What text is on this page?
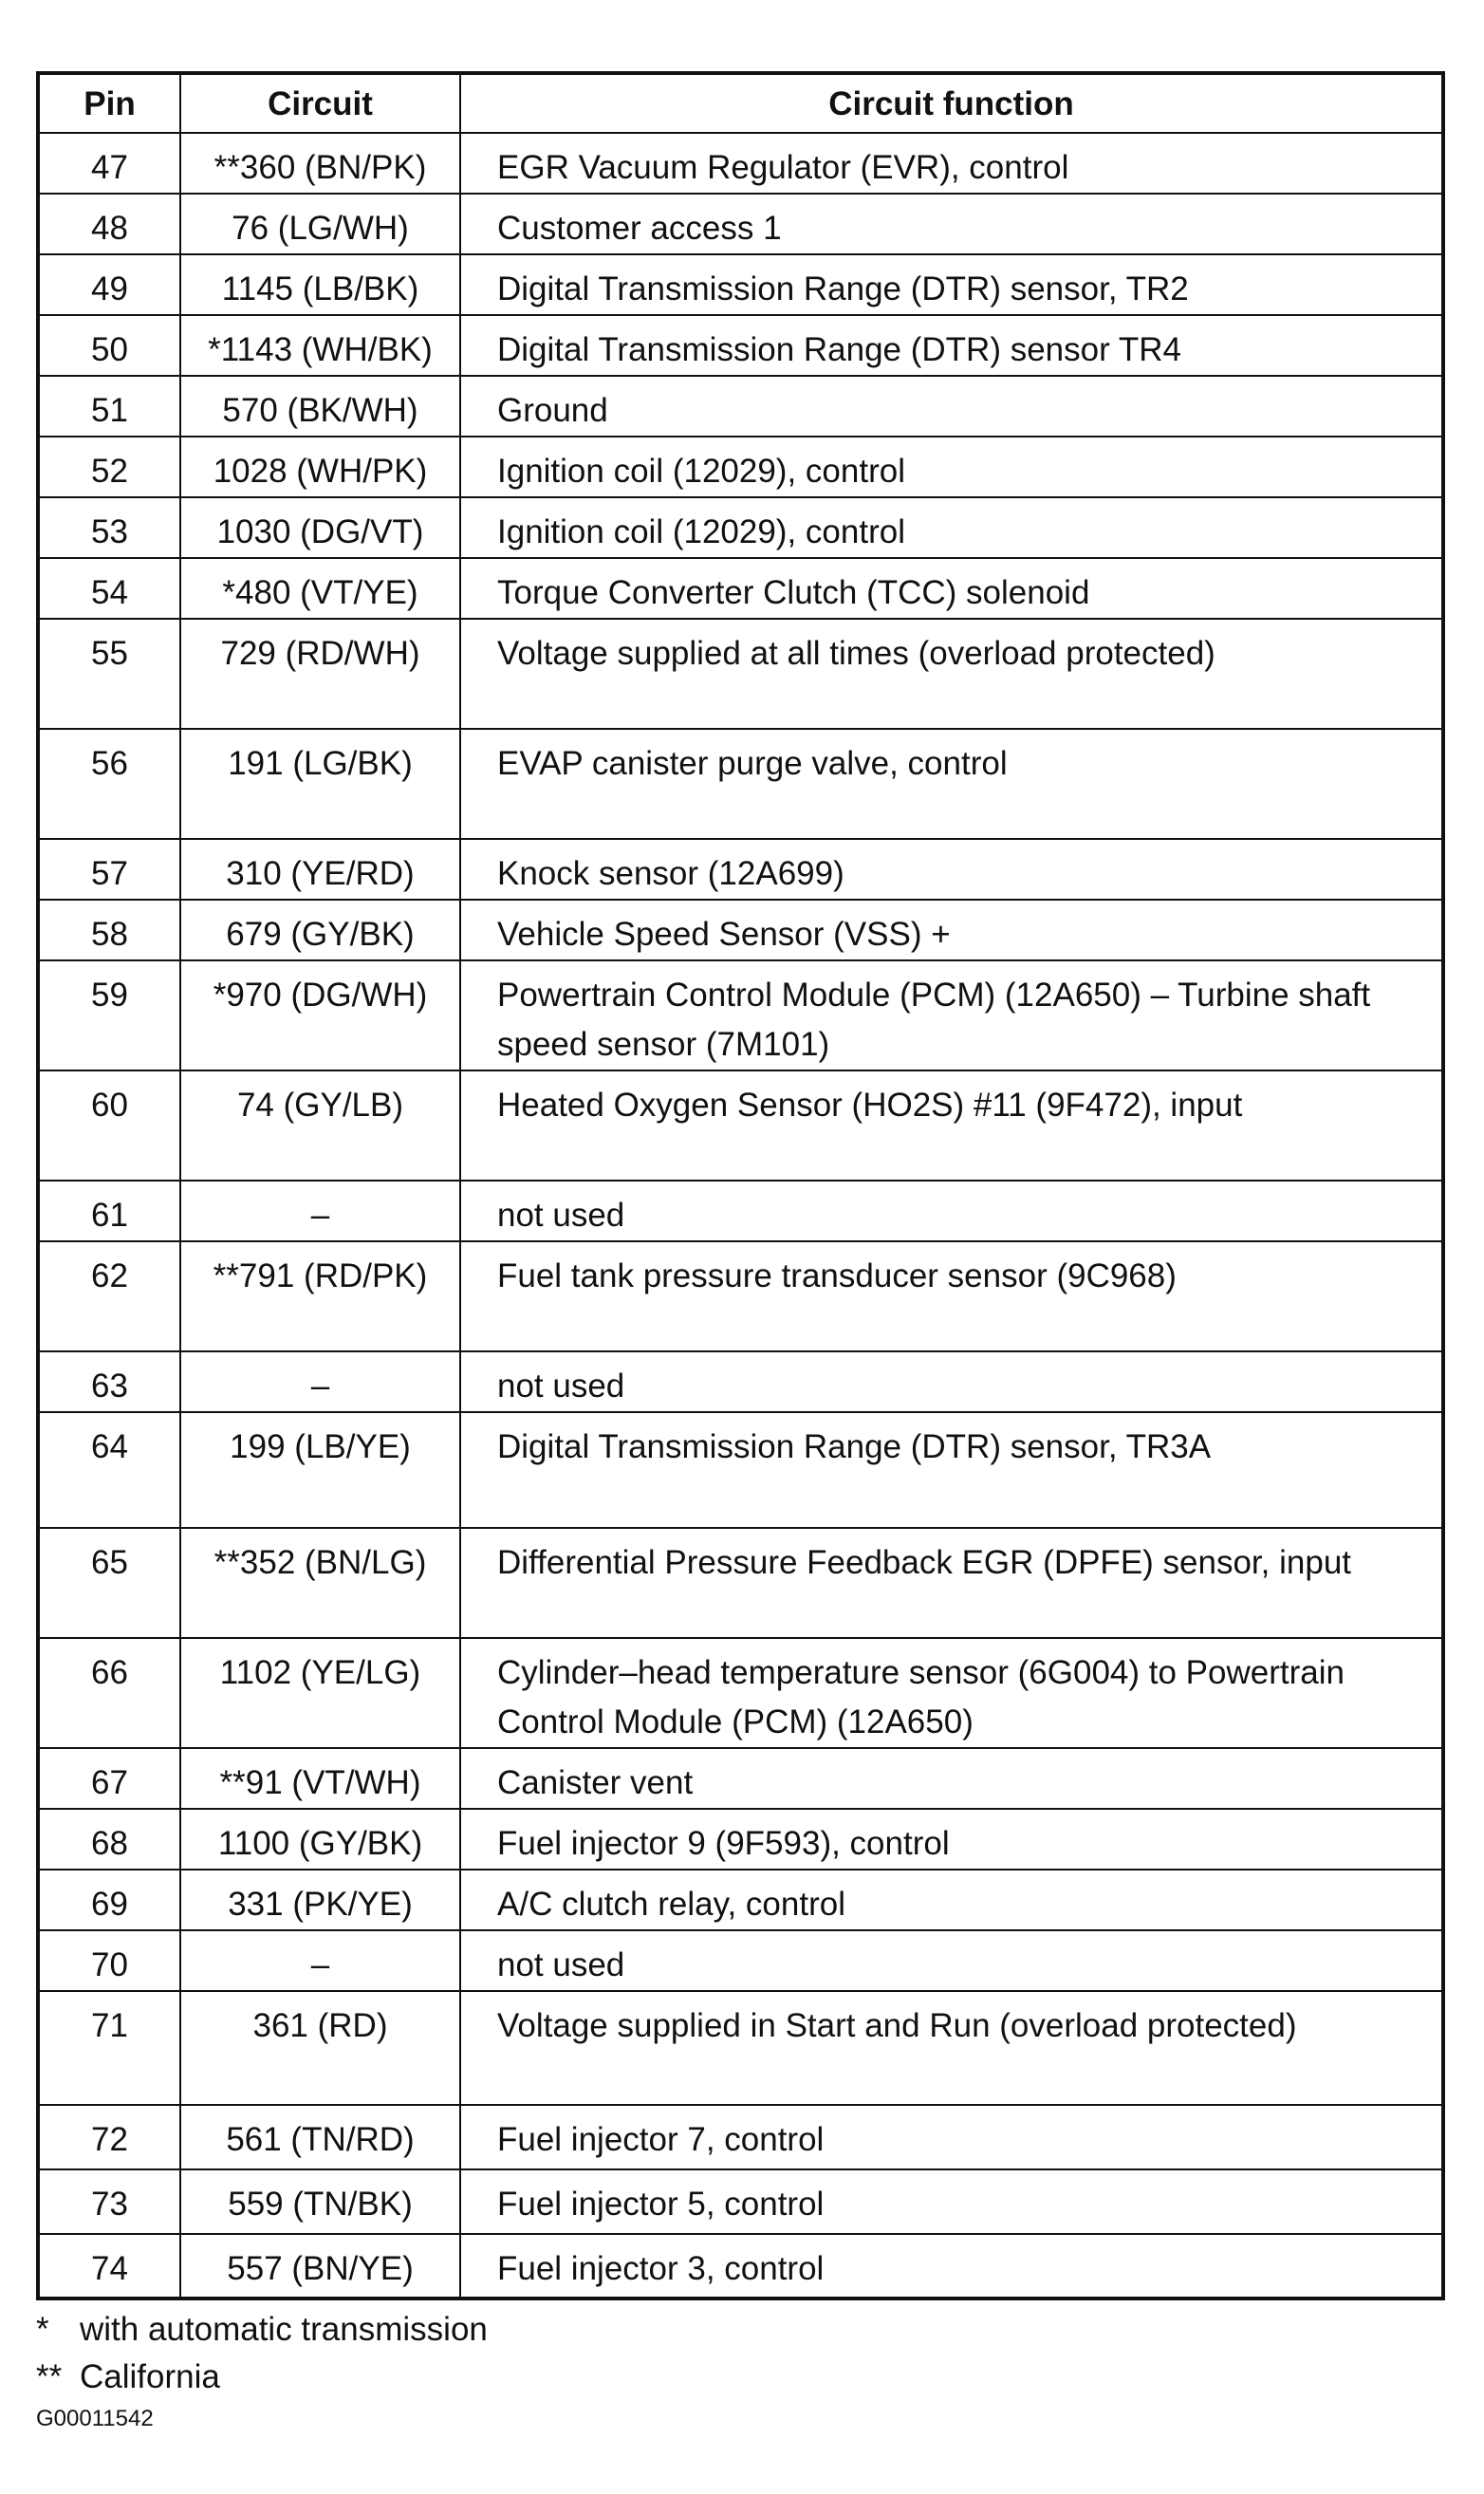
Pin	Circuit	Circuit function
47	**360 (BN/PK)	EGR Vacuum Regulator (EVR), control
48	76 (LG/WH)	Customer access 1
49	1145 (LB/BK)	Digital Transmission Range (DTR) sensor, TR2
50	*1143 (WH/BK)	Digital Transmission Range (DTR) sensor TR4
51	570 (BK/WH)	Ground
52	1028 (WH/PK)	Ignition coil (12029), control
53	1030 (DG/VT)	Ignition coil (12029), control
54	*480 (VT/YE)	Torque Converter Clutch (TCC) solenoid
55	729 (RD/WH)	Voltage supplied at all times (overload protected)
56	191 (LG/BK)	EVAP canister purge valve, control
57	310 (YE/RD)	Knock sensor (12A699)
58	679 (GY/BK)	Vehicle Speed Sensor (VSS) +
59	*970 (DG/WH)	Powertrain Control Module (PCM) (12A650) – Turbine shaft speed sensor (7M101)
60	74 (GY/LB)	Heated Oxygen Sensor (HO2S) #11 (9F472), input
61	–	not used
62	**791 (RD/PK)	Fuel tank pressure transducer sensor (9C968)
63	–	not used
64	199 (LB/YE)	Digital Transmission Range (DTR) sensor, TR3A
65	**352 (BN/LG)	Differential Pressure Feedback EGR (DPFE) sensor, input
66	1102 (YE/LG)	Cylinder–head temperature sensor (6G004) to Powertrain Control Module (PCM) (12A650)
67	**91 (VT/WH)	Canister vent
68	1100 (GY/BK)	Fuel injector 9 (9F593), control
69	331 (PK/YE)	A/C clutch relay, control
70	–	not used
71	361 (RD)	Voltage supplied in Start and Run (overload protected)
72	561 (TN/RD)	Fuel injector 7, control
73	559 (TN/BK)	Fuel injector 5, control
74	557 (BN/YE)	Fuel injector 3, control
* with automatic transmission
** California
G00011542
